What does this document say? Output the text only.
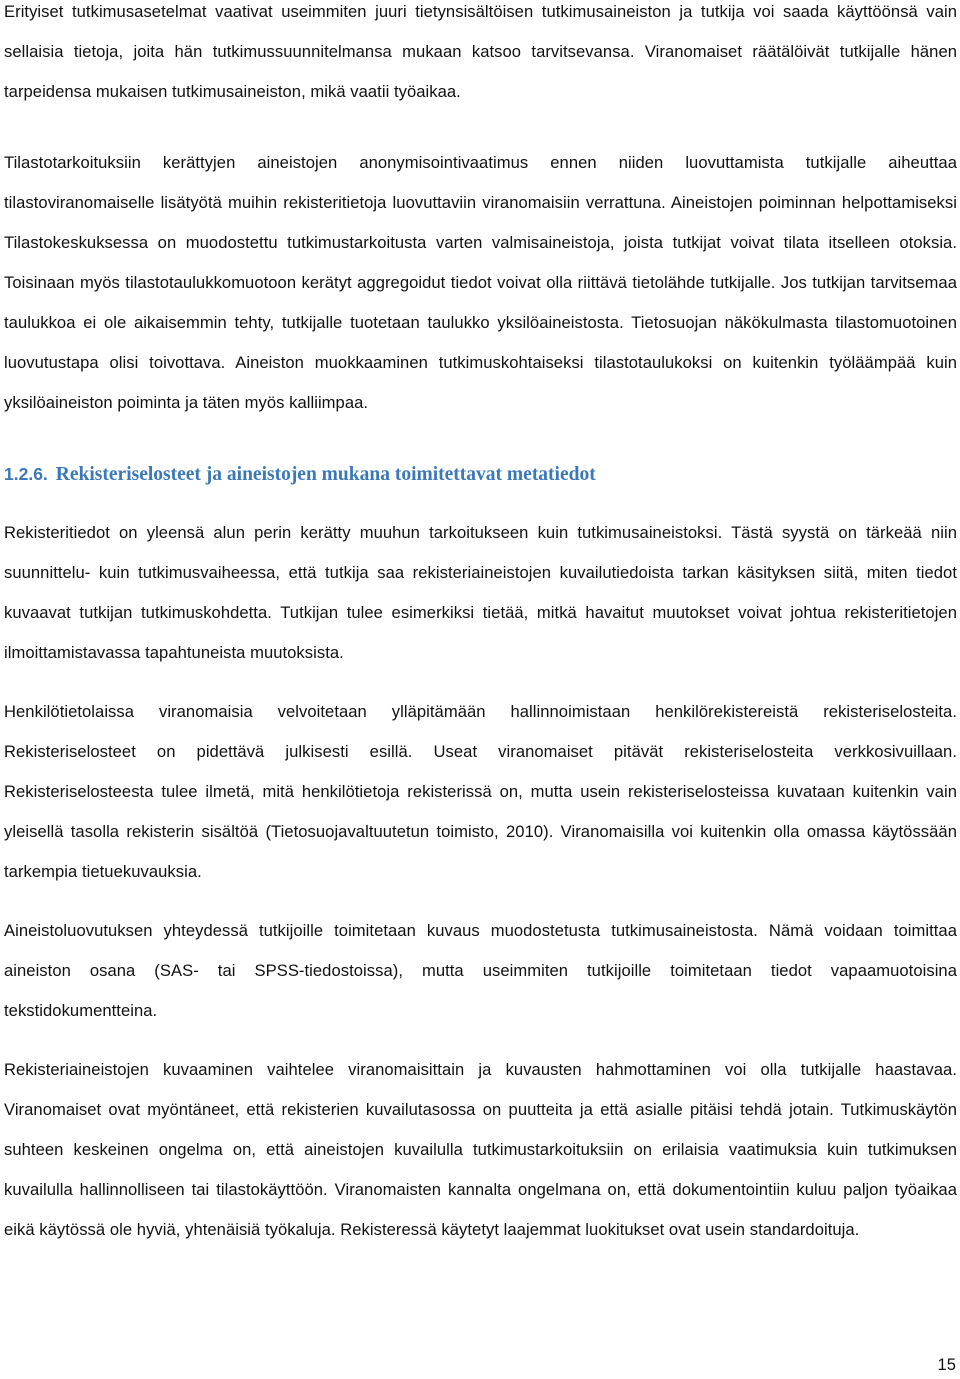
Erityiset tutkimusasetelmat vaativat useimmiten juuri tietynsisältöisen tutkimusaineiston ja tutkija voi saada käyttöönsä vain sellaisia tietoja, joita hän tutkimussuunnitelmansa mukaan katsoo tarvitsevansa. Viranomaiset räätälöivät tutkijalle hänen tarpeidensa mukaisen tutkimusaineiston, mikä vaatii työaikaa.

Tilastotarkoituksiin kerättyjen aineistojen anonymisointivaatimus ennen niiden luovuttamista tutkijalle aiheuttaa tilastoviranomaiselle lisätyötä muihin rekisteritietoja luovuttaviin viranomaisiin verrattuna. Aineistojen poiminnan helpottamiseksi Tilastokeskuksessa on muodostettu tutkimustarkoitusta varten valmisaineistoja, joista tutkijat voivat tilata itselleen otoksia. Toisinaan myös tilastotaulukkomuotoon kerätyt aggregoidut tiedot voivat olla riittävä tietolähde tutkijalle. Jos tutkijan tarvitsemaa taulukkoa ei ole aikaisemmin tehty, tutkijalle tuotetaan taulukko yksilöaineistosta. Tietosuojan näkökulmasta tilastomuotoinen luovutustapa olisi toivottava. Aineiston muokkaaminen tutkimuskohtaiseksi tilastotaulukoksi on kuitenkin työläämpää kuin yksilöaineiston poiminta ja täten myös kalliimpaa.

1.2.6. Rekisteriselosteet ja aineistojen mukana toimitettavat metatiedot

Rekisteritiedot on yleensä alun perin kerätty muuhun tarkoitukseen kuin tutkimusaineistoksi. Tästä syystä on tärkeää niin suunnittelu- kuin tutkimusvaiheessa, että tutkija saa rekisteriaineistojen kuvailutiedoista tarkan käsityksen siitä, miten tiedot kuvaavat tutkijan tutkimuskohdetta. Tutkijan tulee esimerkiksi tietää, mitkä havaitut muutokset voivat johtua rekisteritietojen ilmoittamistavassa tapahtuneista muutoksista.

Henkilötietolaissa viranomaisia velvoitetaan ylläpitämään hallinnoimistaan henkilörekistereistä rekisteriselosteita. Rekisteriselosteet on pidettävä julkisesti esillä. Useat viranomaiset pitävät rekisteriselosteita verkkosivuillaan. Rekisteriselosteesta tulee ilmetä, mitä henkilötietoja rekisterissä on, mutta usein rekisteriselosteissa kuvataan kuitenkin vain yleisellä tasolla rekisterin sisältöä (Tietosuojavaltuutetun toimisto, 2010). Viranomaisilla voi kuitenkin olla omassa käytössään tarkempia tietuekuvauksia.

Aineistoluovutuksen yhteydessä tutkijoille toimitetaan kuvaus muodostetusta tutkimusaineistosta. Nämä voidaan toimittaa aineiston osana (SAS- tai SPSS-tiedostoissa), mutta useimmiten tutkijoille toimitetaan tiedot vapaamuotoisina tekstidokumentteina.

Rekisteriaineistojen kuvaaminen vaihtelee viranomaisittain ja kuvausten hahmottaminen voi olla tutkijalle haastavaa. Viranomaiset ovat myöntäneet, että rekisterien kuvailutasossa on puutteita ja että asialle pitäisi tehdä jotain. Tutkimuskäytön suhteen keskeinen ongelma on, että aineistojen kuvailulla tutkimustarkoituksiin on erilaisia vaatimuksia kuin tutkimuksen kuvailulla hallinnolliseen tai tilastokäyttöön. Viranomaisten kannalta ongelmana on, että dokumentointiin kuluu paljon työaikaa eikä käytössä ole hyviä, yhtenäisiä työkaluja. Rekisteressä käytetyt laajemmat luokitukset ovat usein standardoituja.

15
